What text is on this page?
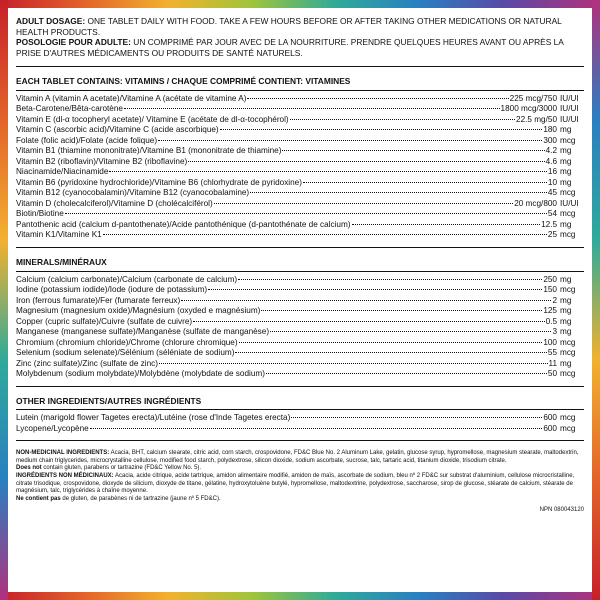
ADULT DOSAGE: ONE TABLET DAILY WITH FOOD. TAKE A FEW HOURS BEFORE OR AFTER TAKING OTHER MEDICATIONS OR NATURAL HEALTH PRODUCTS.
POSOLOGIE POUR ADULTE: UN COMPRIMÉ PAR JOUR AVEC DE LA NOURRITURE. PRENDRE QUELQUES HEURES AVANT OU APRÈS LA PRISE D'AUTRES MÉDICAMENTS OU PRODUITS DE SANTÉ NATURELS.
EACH TABLET CONTAINS: VITAMINS / CHAQUE COMPRIMÉ CONTIENT: VITAMINES
Vitamin A (vitamin A acetate)/Vitamine A (acétate de vitamine A)	225 mcg/750 IU/UI
Beta-Carotene/Bêta-carotène	1800 mcg/3000 IU/UI
Vitamin E (dl-α tocopheryl acetate)/ Vitamine E (acétate de dl-α-tocophérol)	22.5 mg/50 IU/UI
Vitamin C (ascorbic acid)/Vitamine C (acide ascorbique)	180 mg
Folate (folic acid)/Folate (acide folique)	300 mcg
Vitamin B1 (thiamine mononitrate)/Vitamine B1 (mononitrate de thiamine)	4.2 mg
Vitamin B2 (riboflavin)/Vitamine B2 (riboflavine)	4.6 mg
Niacinamide/Niacinamide	16 mg
Vitamin B6 (pyridoxine hydrochloride)/Vitamine B6 (chlorhydrate de pyridoxine)	10 mg
Vitamin B12 (cyanocobalamin)/Vitamine B12 (cyanocobalamine)	45 mcg
Vitamin D (cholecalciferol)/Vitamine D (cholécalciférol)	20 mcg/800 IU/UI
Biotin/Biotine	54 mcg
Pantothenic acid (calcium d-pantothenate)/Acide pantothénique (d-pantothénate de calcium)	12.5 mg
Vitamin K1/Vitamine K1	25 mcg
MINERALS/MINÉRAUX
Calcium (calcium carbonate)/Calcium (carbonate de calcium)	250 mg
Iodine (potassium iodide)/Iode (iodure de potassium)	150 mcg
Iron (ferrous fumarate)/Fer (fumarate ferreux)	2 mg
Magnesium (magnesium oxide)/Magnésium (oxyded e magnésium)	125 mg
Copper (cupric sulfate)/Cuivre (sulfate de cuivre)	0.5 mg
Manganese (manganese sulfate)/Manganèse (sulfate de manganèse)	3 mg
Chromium (chromium chloride)/Chrome (chlorure chromique)	100 mcg
Selenium (sodium selenate)/Sélénium (séléniate de sodium)	55 mcg
Zinc (zinc sulfate)/Zinc (sulfate de zinc)	11 mg
Molybdenum (sodium molybdate)/Molybdène (molybdate de sodium)	50 mcg
OTHER INGREDIENTS/AUTRES INGRÉDIENTS
Lutein (marigold flower Tagetes erecta)/Lutéine (rose d'Inde Tagetes erecta)	600 mcg
Lycopene/Lycopène	600 mcg
NON-MEDICINAL INGREDIENTS: Acacia, BHT, calcium stearate, citric acid, corn starch, crospovidone, FD&C Blue No. 2 Aluminum Lake, gelatin, glucose syrup, hypromellose, magnesium stearate, maltodextrin, medium chain triglycerides, microcrystalline cellulose, modified food starch, polydextrose, silicon dioxide, sodium ascorbate, sucrose, talc, tartaric acid, titanium dioxide, trisodium citrate.
Does not contain gluten, parabens or tartrazine (FD&C Yellow No. 5).
INGRÉDIENTS NON MÉDICINAUX: Acacia, acide citrique, acide tartrique, amidon alimentaire modifié, amidon de maïs, ascorbate de sodium, bleu nº 2 FD&C sur substrat d'aluminium, cellulose microcristalline, citrate trisodique, crospovidone, dioxyde de silicium, dioxyde de titane, gélatine, hydroxytoluène butylé, hypromellose, maltodextrine, polydextrose, saccharose, sirop de glucose, stéarate de calcium, stéarate de magnésium, talc, triglycérides à chaîne moyenne.
Ne contient pas de gluten, de parabènes ni de tartrazine (jaune nº 5 FD&C).
NPN 080043120
